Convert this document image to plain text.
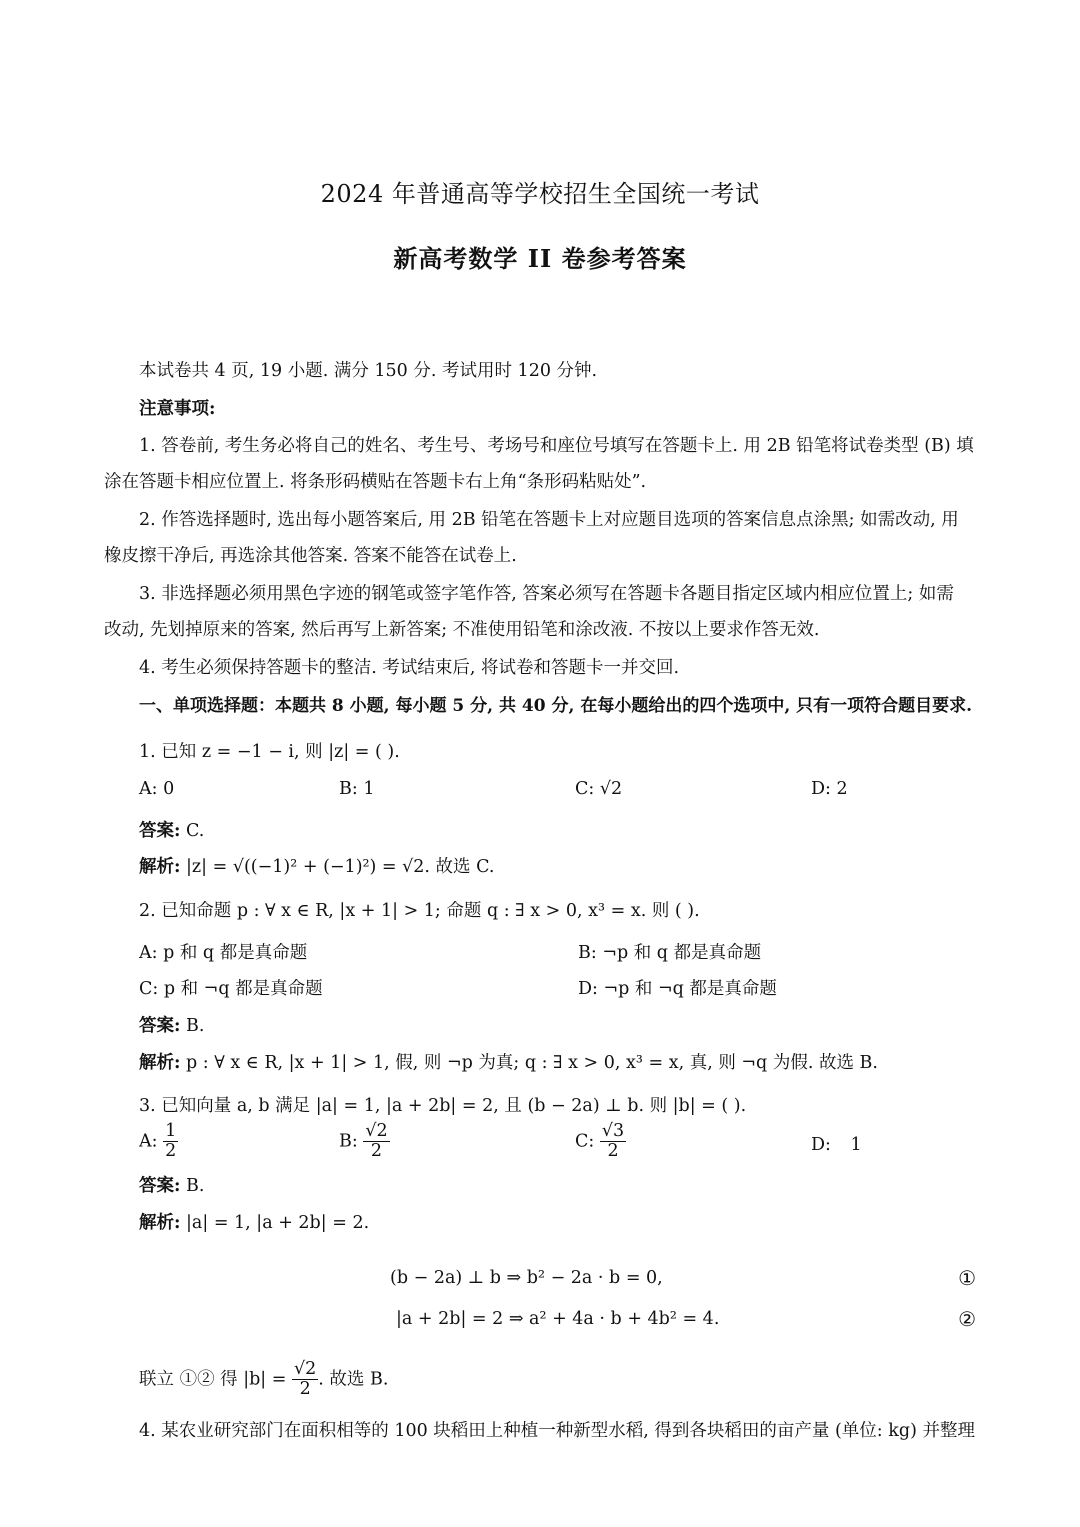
2024 年普通高等学校招生全国统一考试
新高考数学 II 卷参考答案
本试卷共 4 页, 19 小题. 满分 150 分. 考试用时 120 分钟.
注意事项:
1. 答卷前, 考生务必将自己的姓名、考生号、考场号和座位号填写在答题卡上. 用 2B 铅笔将试卷类型 (B) 填
涂在答题卡相应位置上. 将条形码横贴在答题卡右上角“条形码粘贴处”.
2. 作答选择题时, 选出每小题答案后, 用 2B 铅笔在答题卡上对应题目选项的答案信息点涂黑; 如需改动, 用
橡皮擦干净后, 再选涂其他答案. 答案不能答在试卷上.
3. 非选择题必须用黑色字迹的钢笔或签字笔作答, 答案必须写在答题卡各题目指定区域内相应位置上; 如需
改动, 先划掉原来的答案, 然后再写上新答案; 不准使用铅笔和涂改液. 不按以上要求作答无效.
4. 考生必须保持答题卡的整洁. 考试结束后, 将试卷和答题卡一并交回.
一、单项选择题：本题共 8 小题, 每小题 5 分, 共 40 分, 在每小题给出的四个选项中, 只有一项符合题目要求.
1. 已知 z = −1 − i, 则 |z| = ( ).
A: 0	B: 1	C: √2	D: 2
答案: C.
解析: |z| = √((−1)² + (−1)²) = √2. 故选 C.
2. 已知命题 p : ∀ x ∈ R, |x + 1| > 1; 命题 q : ∃ x > 0, x³ = x. 则 ( ).
A: p 和 q 都是真命题	B: ¬p 和 q 都是真命题
C: p 和 ¬q 都是真命题	D: ¬p 和 ¬q 都是真命题
答案: B.
解析: p : ∀ x ∈ R, |x + 1| > 1, 假, 则 ¬p 为真; q : ∃ x > 0, x³ = x, 真, 则 ¬q 为假. 故选 B.
3. 已知向量 a, b 满足 |a| = 1, |a + 2b| = 2, 且 (b − 2a) ⊥ b. 则 |b| = ( ).
A: $\frac{1}{2}$	B: $\frac{√2}{2}$	C: $\frac{√3}{2}$	D: 1
答案: B.
解析: |a| = 1, |a + 2b| = 2.
(b − 2a) ⊥ b ⇒ b² − 2a · b = 0,	①
|a + 2b| = 2 ⇒ a² + 4a · b + 4b² = 4.	②
联立 ①② 得 $|b| = \frac{√2}{2}$ . 故选 B.
4. 某农业研究部门在面积相等的 100 块稻田上种植一种新型水稻, 得到各块稻田的亩产量 (单位: kg) 并整理
